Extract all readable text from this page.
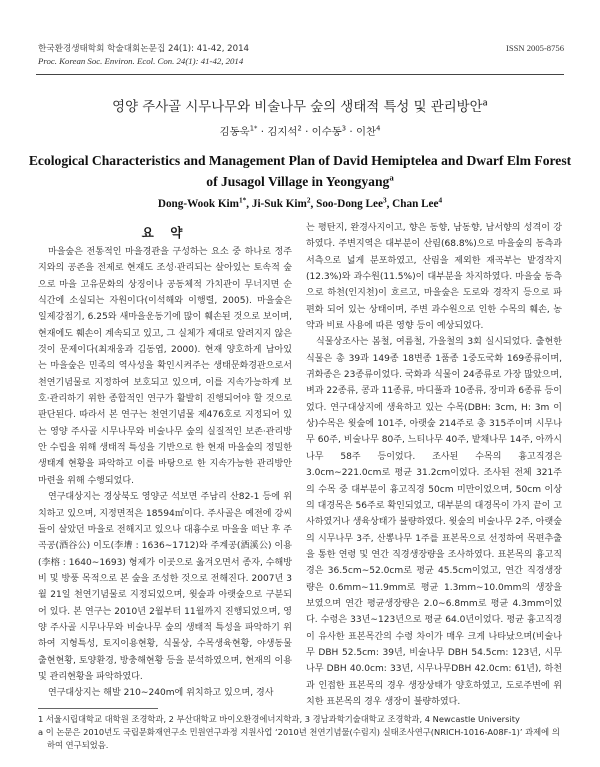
한국환경생태학회 학술대회논문집 24(1): 41-42, 2014	ISSN 2005-8756
Proc. Korean Soc. Environ. Ecol. Con. 24(1): 41-42, 2014
영양 주사골 시무나무와 비술나무 숲의 생태적 특성 및 관리방안$^a$
김동욱$^{1*}$ · 김지석$^2$ · 이수동$^3$ · 이찬$^4$
Ecological Characteristics and Management Plan of David Hemiptelea and Dwarf Elm Forest
of Jusagol Village in Yeongyang$^a$
Dong-Wook Kim$^{1*}$, Ji-Suk Kim$^2$, Soo-Dong Lee$^3$, Chan Lee$^4$
요 약

마을숲은 전통적인 마을경관을 구성하는 요소 중 하나로 정주지와의 공존을 전제로 현재도 조성·관리되는 살아있는 토속적 숲으로 마을 고유문화의 상징이나 공동체적 가치관이 무너지면 순식간에 소실되는 자원이다(이석해와 이행렬, 2005). 마을숲은 일제강점기, 6.25와 새마을운동기에 많이 훼손된 것으로 보이며, 현재에도 훼손이 계속되고 있고, 그 실체가 제대로 알려지지 않은 것이 문제이다(최재웅과 김동엽, 2000). 현재 양호하게 남아있는 마을숲은 민족의 역사성을 확인시켜주는 생태문화경관으로서 천연기념물로 지정하여 보호되고 있으며, 이를 지속가능하게 보호·관리하기 위한 종합적인 연구가 활발히 진행되어야 할 것으로 판단된다. 따라서 본 연구는 천연기념물 제476호로 지정되어 있는 영양 주사골 시무나무와 비술나무 숲의 실질적인 보존·관리방안 수립을 위해 생태적 특성을 기반으로 한 현재 마을숲의 정밀한 생태계 현황을 파악하고 이를 바탕으로 한 지속가능한 관리방안 마련을 위해 수행되었다.

연구대상지는 경상북도 영양군 석보면 주남리 산82-1 등에 위치하고 있으며, 지정면적은 18594㎡이다. 주사골은 예전에 강씨들이 살았던 마을로 전해지고 있으나 대흉수로 마을을 떠난 후 주곡공(酒谷公) 이도(李𡐋 : 1636∼1712)와 주계공(酒溪公) 이용(李榕 : 1640∼1693) 형제가 이곳으로 옮겨오면서 종자, 수해방비 및 방풍 목적으로 본 숲을 조성한 것으로 전해진다. 2007년 3월 21일 천연기념물로 지정되었으며, 윗숲과 아랫숲으로 구분되어 있다. 본 연구는 2010년 2월부터 11월까지 진행되었으며, 영양 주사골 시무나무와 비술나무 숲의 생태적 특성을 파악하기 위하여 지형특성, 토지이용현황, 식물상, 수목생육현황, 야생동물 출현현황, 토양환경, 방충해현황 등을 분석하였으며, 현재의 이용 및 관리현황을 파악하였다.

연구대상지는 해발 210∼240m에 위치하고 있으며, 경사

는 평탄지, 완경사지이고, 향은 동향, 남동향, 남서향의 성격이 강하였다. 주변지역은 대부분이 산림(68.8%)으로 마을숲의 동측과 서측으로 넓게 분포하였고, 산림을 제외한 재곡부는 밭경작지(12.3%)와 과수원(11.5%)이 대부분을 차지하였다. 마을숲 동측으로 하천(인지천)이 흐르고, 마을숲은 도로와 경작지 등으로 파편화 되어 있는 상태이며, 주변 과수원으로 인한 수목의 훼손, 농약과 비료 사용에 따른 영향 등이 예상되었다.

식물상조사는 봄철, 여름철, 가을철의 3회 실시되었다. 출현한 식물은 총 39과 149종 18변종 1품종 1중도국화 169종류이며, 귀화종은 23종류이었다. 국화과 식물이 24종류로 가장 많았으며, 벼과 22종류, 콩과 11종류, 마디풀과 10종류, 장미과 6종류 등이었다. 연구대상지에 생육하고 있는 수목(DBH: 3cm, H: 3m 이상)수목은 윗숲에 101주, 아랫숲 214주로 총 315주이며 시무나무 60주, 비술나무 80주, 느티나무 40주, 밭채나무 14주, 아까시나무 58주 등이었다. 조사된 수목의 흉고직경은 3.0cm∼221.0cm로 평균 31.2cm이었다. 조사된 전체 321주의 수목 중 대부분이 흉고직경 50cm 미만이었으며, 50cm 이상의 대경목은 56주로 확인되었고, 대부분의 대경목이 가지 끝이 고사하였거나 생육상태가 불량하였다. 윗숲의 비술나무 2주, 아랫숲의 시무나무 3주, 산뽕나무 1주를 표본목으로 선정하여 목편추출을 통한 연령 및 연간 직경생장량을 조사하였다. 표본목의 흉고직경은 36.5cm∼52.0cm로 평균 45.5cm이었고, 연간 직경생장량은 0.6mm∼11.9mm로 평균 1.3mm∼10.0mm의 생장을 보였으며 연간 평균생장량은 2.0∼6.8mm로 평균 4.3mm이었다. 수령은 33년∼123년으로 평균 64.0년이었다. 평균 흉고직경이 유사한 표본목간의 수령 차이가 매우 크게 나타났으며(비술나무 DBH 52.5cm: 39년, 비술나무 DBH 54.5cm: 123년, 시무나무 DBH 40.0cm: 33년, 시무나무DBH 42.0cm: 61년), 하천과 인접한 표본목의 경우 생장상태가 양호하였고, 도로주변에 위치한 표본목의 경우 생장이 불량하였다.

1 서울시립대학교 대학원 조경학과, 2 부산대학교 바이오환경에너지학과, 3 경남과학기술대학교 조경학과, 4 Newcastle University
a 이 논문은 2010년도 국립문화재연구소 민원연구과정 지원사업 ‘2010년 천연기념물(수림지) 실태조사연구(NRICH-1016-A08F-1)’ 과제에 의하여 연구되었음.
